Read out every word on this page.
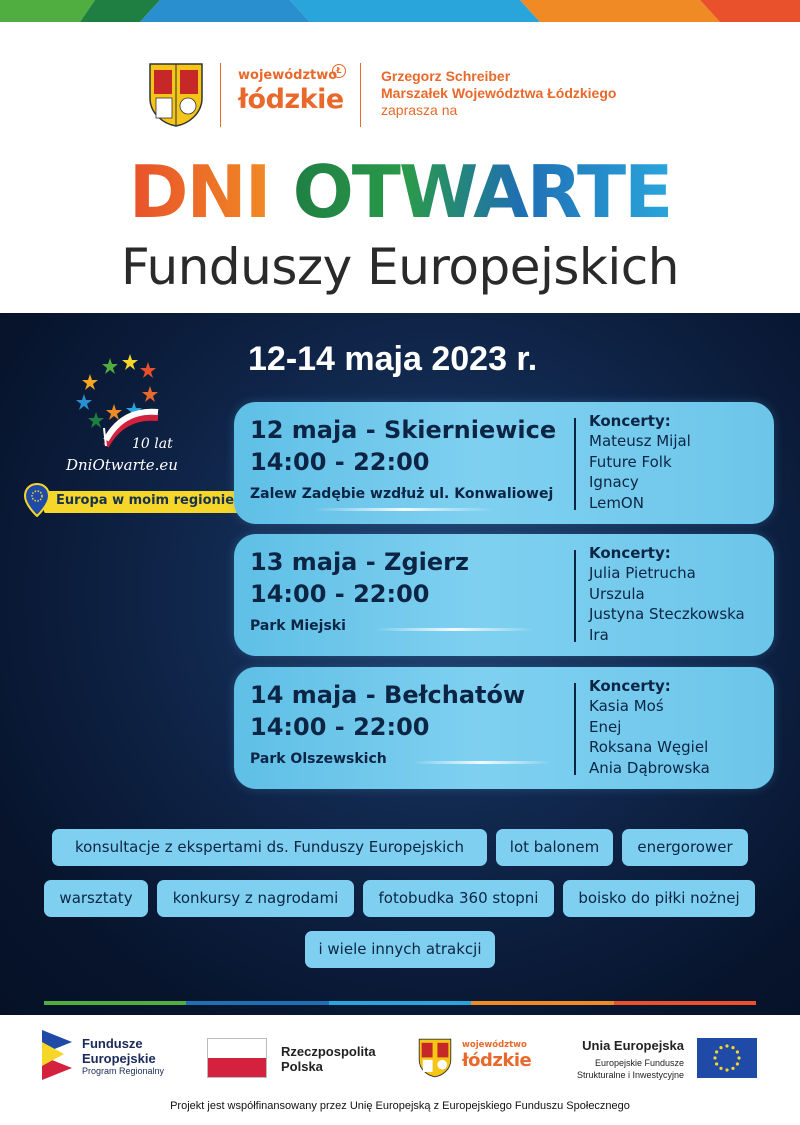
województwo
łódzkie
Ł	Grzegorz Schreiber
Marszałek Województwa Łódzkiego
zaprasza na
DNI OTWARTE
Funduszy Europejskich
12-14 maja 2023 r.
10 lat
DniOtwarte.eu
Europa w moim regionie
12 maja - Skierniewice
14:00 - 22:00
Zalew Zadębie wzdłuż ul. Konwaliowej
Koncerty:
Mateusz Mijal
Future Folk
Ignacy
LemON
13 maja - Zgierz
14:00 - 22:00
Park Miejski
Koncerty:
Julia Pietrucha
Urszula
Justyna Steczkowska
Ira
14 maja - Bełchatów
14:00 - 22:00
Park Olszewskich
Koncerty:
Kasia Moś
Enej
Roksana Węgiel
Ania Dąbrowska
konsultacje z ekspertami ds. Funduszy Europejskich	lot balonem	energorower
warsztaty	konkursy z nagrodami	fotobudka 360 stopni	boisko do piłki nożnej
i wiele innych atrakcji
Fundusze
Europejskie
Program Regionalny
Rzeczpospolita
Polska
województwo
łódzkie
Unia Europejska
Europejskie Fundusze
Strukturalne i Inwestycyjne
Projekt jest współfinansowany przez Unię Europejską z Europejskiego Funduszu Społecznego
